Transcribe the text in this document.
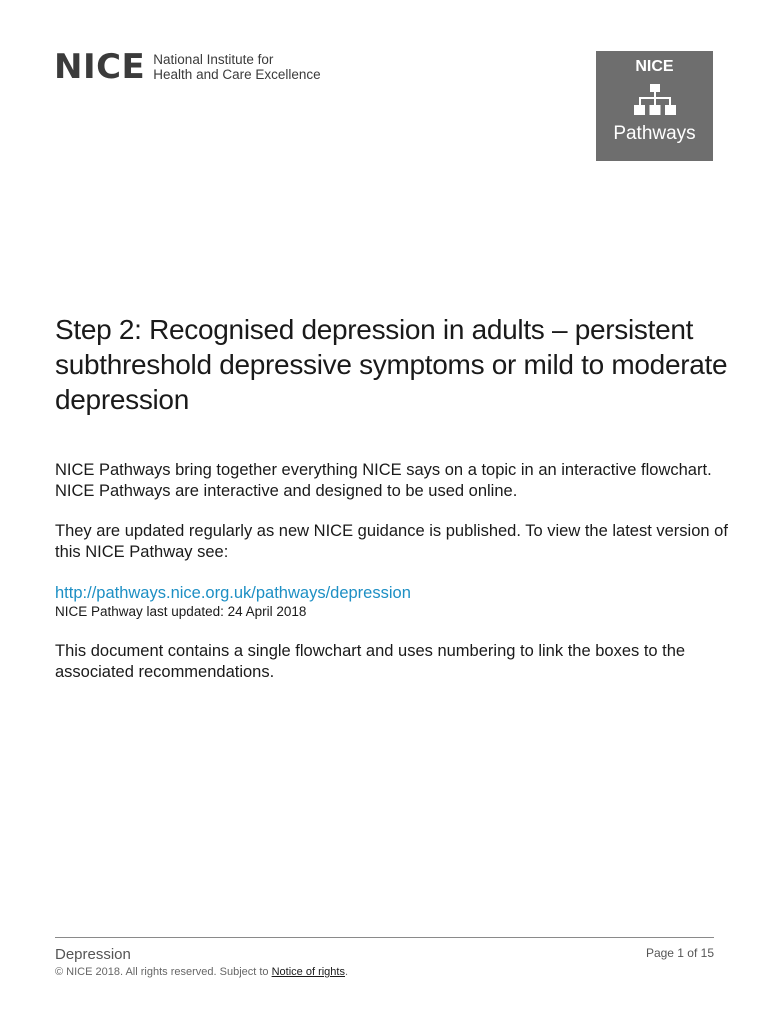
NICE National Institute for
Health and Care Excellence	NICE
Pathways
Step 2: Recognised depression in adults – persistent subthreshold depressive symptoms or mild to moderate depression

NICE Pathways bring together everything NICE says on a topic in an interactive flowchart. NICE Pathways are interactive and designed to be used online.

They are updated regularly as new NICE guidance is published. To view the latest version of this NICE Pathway see:

http://pathways.nice.org.uk/pathways/depression
NICE Pathway last updated: 24 April 2018

This document contains a single flowchart and uses numbering to link the boxes to the associated recommendations.

Depression	Page 1 of 15
© NICE 2018. All rights reserved. Subject to Notice of rights.
